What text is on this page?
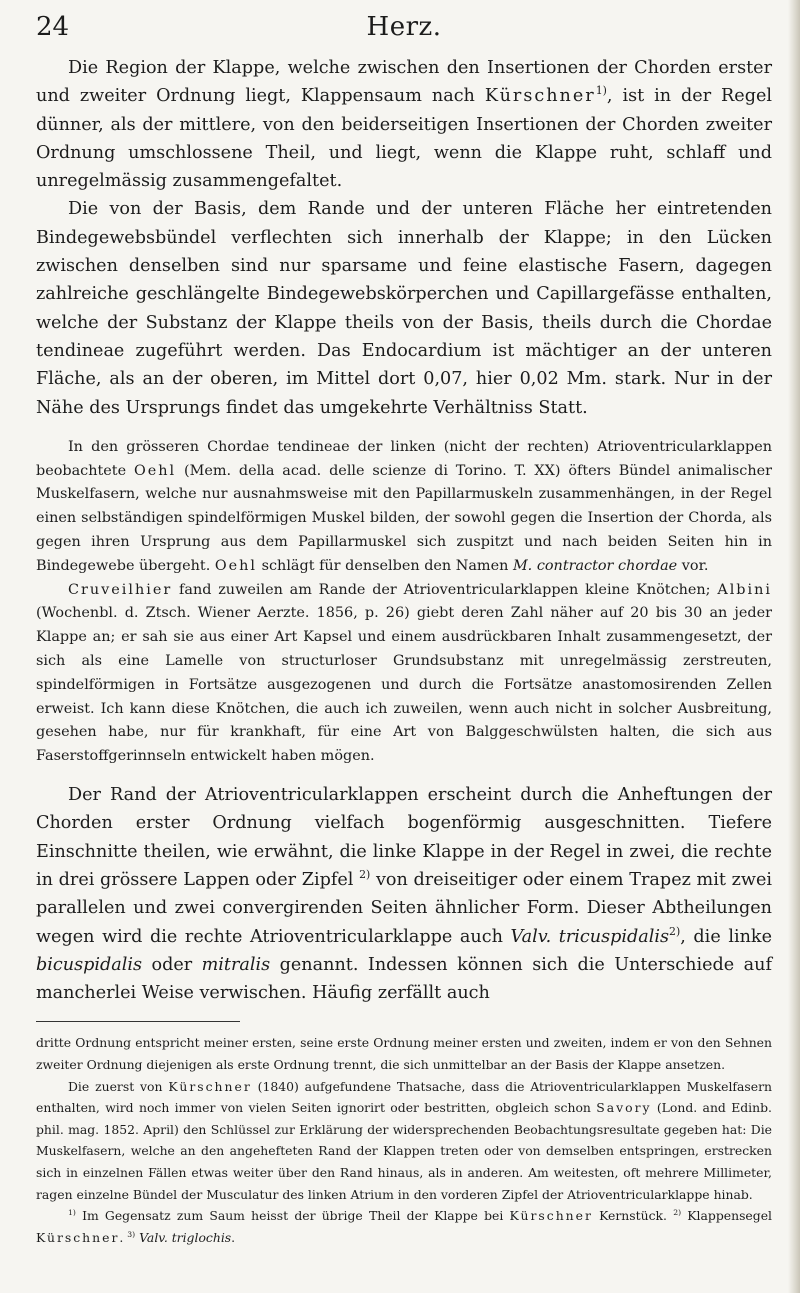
24	Herz.

Die Region der Klappe, welche zwischen den Insertionen der Chorden erster und zweiter Ordnung liegt, Klappensaum nach Kürschner$^{1)}$, ist in der Regel dünner, als der mittlere, von den beiderseitigen Insertionen der Chorden zweiter Ordnung umschlossene Theil, und liegt, wenn die Klappe ruht, schlaff und unregelmässig zusammengefaltet.

Die von der Basis, dem Rande und der unteren Fläche her eintretenden Bindegewebsbündel verflechten sich innerhalb der Klappe; in den Lücken zwischen denselben sind nur sparsame und feine elastische Fasern, dagegen zahlreiche geschlängelte Bindegewebskörperchen und Capillargefässe enthalten, welche der Substanz der Klappe theils von der Basis, theils durch die Chordae tendineae zugeführt werden. Das Endocardium ist mächtiger an der unteren Fläche, als an der oberen, im Mittel dort 0,07, hier 0,02 Mm. stark. Nur in der Nähe des Ursprungs findet das umgekehrte Verhältniss Statt.

In den grösseren Chordae tendineae der linken (nicht der rechten) Atrioventricularklappen beobachtete Oehl (Mem. della acad. delle scienze di Torino. T. XX) öfters Bündel animalischer Muskelfasern, welche nur ausnahmsweise mit den Papillarmuskeln zusammenhängen, in der Regel einen selbständigen spindelförmigen Muskel bilden, der sowohl gegen die Insertion der Chorda, als gegen ihren Ursprung aus dem Papillarmuskel sich zuspitzt und nach beiden Seiten hin in Bindegewebe übergeht. Oehl schlägt für denselben den Namen M. contractor chordae vor.

Cruveilhier fand zuweilen am Rande der Atrioventricularklappen kleine Knötchen; Albini (Wochenbl. d. Ztsch. Wiener Aerzte. 1856, p. 26) giebt deren Zahl näher auf 20 bis 30 an jeder Klappe an; er sah sie aus einer Art Kapsel und einem ausdrückbaren Inhalt zusammengesetzt, der sich als eine Lamelle von structurloser Grundsubstanz mit unregelmässig zerstreuten, spindelförmigen in Fortsätze ausgezogenen und durch die Fortsätze anastomosirenden Zellen erweist. Ich kann diese Knötchen, die auch ich zuweilen, wenn auch nicht in solcher Ausbreitung, gesehen habe, nur für krankhaft, für eine Art von Balggeschwülsten halten, die sich aus Faserstoffgerinnseln entwickelt haben mögen.

Der Rand der Atrioventricularklappen erscheint durch die Anheftungen der Chorden erster Ordnung vielfach bogenförmig ausgeschnitten. Tiefere Einschnitte theilen, wie erwähnt, die linke Klappe in der Regel in zwei, die rechte in drei grössere Lappen oder Zipfel $^{2)}$ von dreiseitiger oder einem Trapez mit zwei parallelen und zwei convergirenden Seiten ähnlicher Form. Dieser Abtheilungen wegen wird die rechte Atrioventricularklappe auch Valv. tricuspidalis$^{2)}$, die linke bicuspidalis oder mitralis genannt. Indessen können sich die Unterschiede auf mancherlei Weise verwischen. Häufig zerfällt auch

dritte Ordnung entspricht meiner ersten, seine erste Ordnung meiner ersten und zweiten, indem er von den Sehnen zweiter Ordnung diejenigen als erste Ordnung trennt, die sich unmittelbar an der Basis der Klappe ansetzen.

Die zuerst von Kürschner (1840) aufgefundene Thatsache, dass die Atrioventricularklappen Muskelfasern enthalten, wird noch immer von vielen Seiten ignorirt oder bestritten, obgleich schon Savory (Lond. and Edinb. phil. mag. 1852. April) den Schlüssel zur Erklärung der widersprechenden Beobachtungsresultate gegeben hat: Die Muskelfasern, welche an den angehefteten Rand der Klappen treten oder von demselben entspringen, erstrecken sich in einzelnen Fällen etwas weiter über den Rand hinaus, als in anderen. Am weitesten, oft mehrere Millimeter, ragen einzelne Bündel der Musculatur des linken Atrium in den vorderen Zipfel der Atrioventricularklappe hinab.

$^{1)}$ Im Gegensatz zum Saum heisst der übrige Theil der Klappe bei Kürschner Kernstück. $^{2)}$ Klappensegel Kürschner. $^{3)}$ Valv. triglochis.
